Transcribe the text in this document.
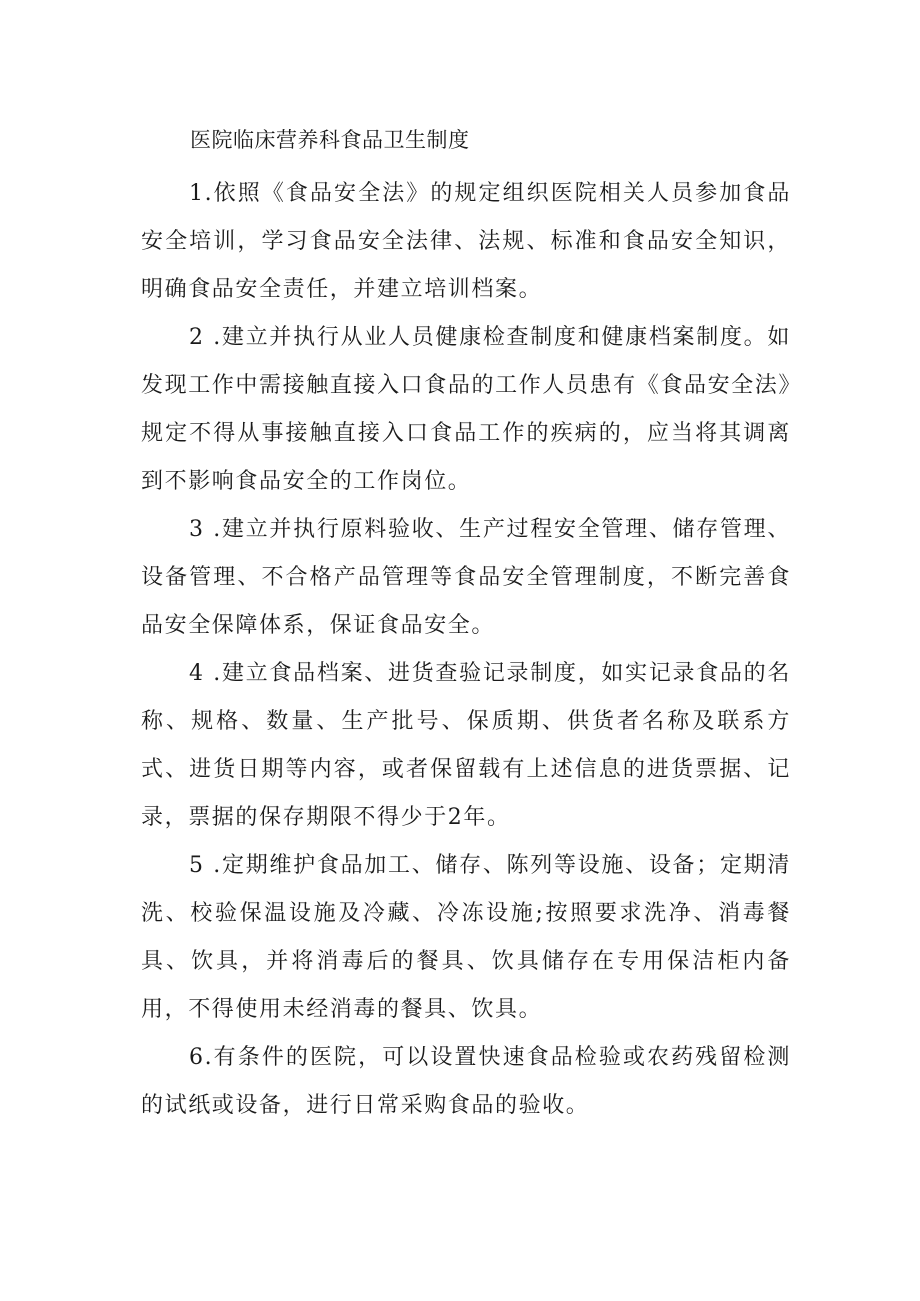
医院临床营养科食品卫生制度

1.依照《食品安全法》的规定组织医院相关人员参加食品安全培训，学习食品安全法律、法规、标准和食品安全知识，明确食品安全责任，并建立培训档案。

2 .建立并执行从业人员健康检查制度和健康档案制度。如发现工作中需接触直接入口食品的工作人员患有《食品安全法》规定不得从事接触直接入口食品工作的疾病的，应当将其调离到不影响食品安全的工作岗位。

3 .建立并执行原料验收、生产过程安全管理、储存管理、设备管理、不合格产品管理等食品安全管理制度，不断完善食品安全保障体系，保证食品安全。

4 .建立食品档案、进货查验记录制度，如实记录食品的名称、规格、数量、生产批号、保质期、供货者名称及联系方式、进货日期等内容，或者保留载有上述信息的进货票据、记录，票据的保存期限不得少于2年。

5 .定期维护食品加工、储存、陈列等设施、设备；定期清洗、校验保温设施及冷藏、冷冻设施;按照要求洗净、消毒餐具、饮具，并将消毒后的餐具、饮具储存在专用保洁柜内备用，不得使用未经消毒的餐具、饮具。

6.有条件的医院，可以设置快速食品检验或农药残留检测的试纸或设备，进行日常采购食品的验收。
